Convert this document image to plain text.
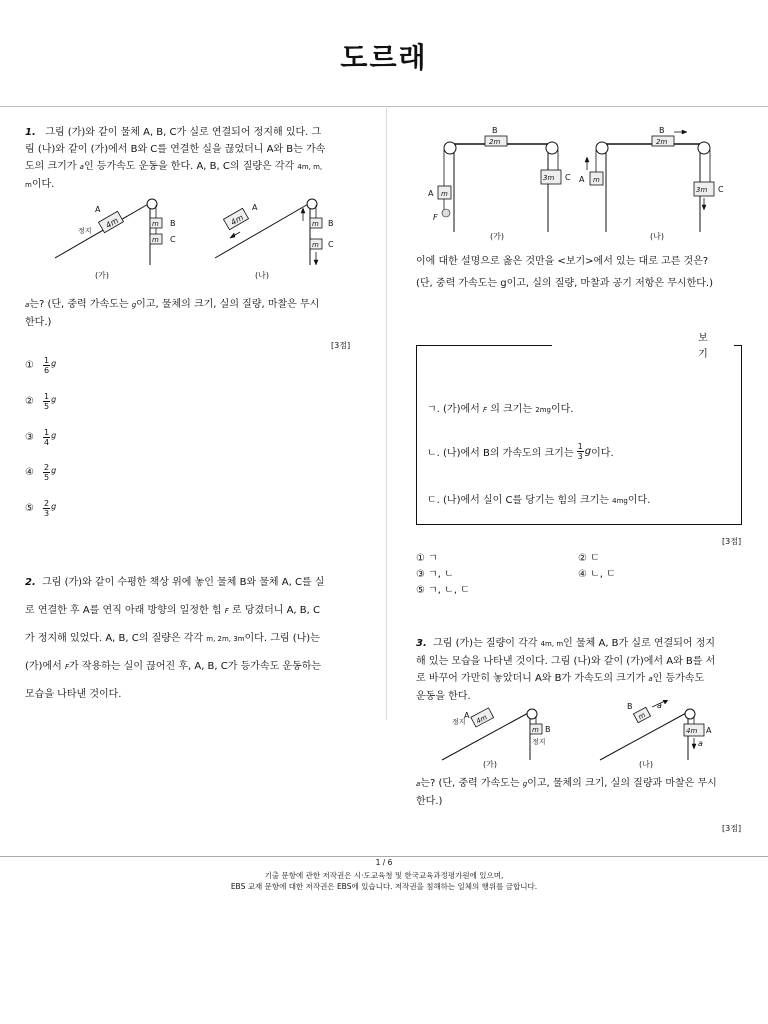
도르래
1. 그림 (가)와 같이 물체 A, B, C가 실로 연결되어 정지해 있다. 그
림 (나)와 같이 (가)에서 B와 C를 연결한 실을 끊었더니 A와 B는 가속
도의 크기가 a인 등가속도 운동을 한다. A, B, C의 질량은 각각 4m, m,
m이다.
4m
A
정지
m B
m C
(가)
4m
A
m B
m C
(나)
a는? (단, 중력 가속도는 g이고, 물체의 크기, 실의 질량, 마찰은 무시
한다.)
[3점]
①	$\frac{1}{6}$ g
②	$\frac{1}{5}$ g
③	$\frac{1}{4}$ g
④	$\frac{2}{5}$ g
⑤	$\frac{2}{3}$ g
2. 그림 (가)와 같이 수평한 책상 위에 놓인 물체 B와 물체 A, C를 실
로 연결한 후 A를 연직 아래 방향의 일정한 힘 F 로 당겼더니 A, B, C
가 정지해 있었다. A, B, C의 질량은 각각 m, 2m, 3m이다. 그림 (나)는
(가)에서 F가 작용하는 실이 끊어진 후, A, B, C가 등가속도 운동하는
모습을 나타낸 것이다.
2m
B
m
A
F
3m C
(가)
2m
B
m
A
3m C
(나)
이에 대한 설명으로 옳은 것만을 <보기>에서 있는 대로 고른 것은?
(단, 중력 가속도는 g이고, 실의 질량, 마찰과 공기 저항은 무시한다.)
보기
ㄱ. (가)에서 F 의 크기는 2mg이다.
ㄴ. (나)에서 B의 가속도의 크기는
$\frac{1}{3}$ g 이다.
ㄷ. (나)에서 실이 C를 당기는 힘의 크기는 4mg이다.
[3점]
① ㄱ	② ㄷ
③ ㄱ, ㄴ	④ ㄴ, ㄷ
⑤ ㄱ, ㄴ, ㄷ
3. 그림 (가)는 질량이 각각 4m, m인 물체 A, B가 실로 연결되어 정지
해 있는 모습을 나타낸 것이다. 그림 (나)와 같이 (가)에서 A와 B를 서
로 바꾸어 가만히 놓았더니 A와 B가 가속도의 크기가 a인 등가속도
운동을 한다.
4m
정지
A
m B
정지
m
B	a
4m A
a
(가)	(나)
a는? (단, 중력 가속도는 g이고, 물체의 크기, 실의 질량과 마찰은 무시
한다.)
[3점]
1 / 6
기출 문항에 관한 저작권은 시·도교육청 및 한국교육과정평가원에 있으며,
EBS 교재 문항에 대한 저작권은 EBS에 있습니다. 저작권을 침해하는 일체의 행위를 금합니다.
